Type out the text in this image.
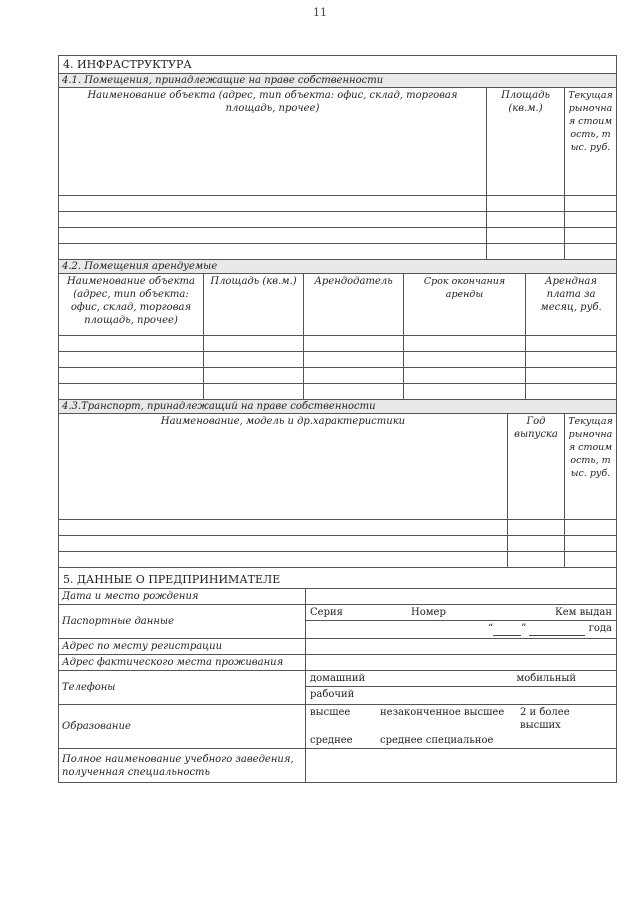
11
4. ИНФРАСТРУКТУРА		
4.1. Помещения, принадлежащие на праве собственности		
Наименование объекта (адрес, тип объекта: офис, склад, торговая площадь, прочее)	Площадь (кв.м.)	Текущая рыночная стоимость, тыс. руб.

4.2. Помещения арендуемые				
Наименование объекта (адрес, тип объекта: офис, склад, торговая площадь, прочее)	Площадь (кв.м.)	Арендодатель	Срок окончания аренды	Арендная плата за месяц, руб.

4.3.Транспорт, принадлежащий на праве собственности		
Наименование, модель и др.характеристики	Год выпуска	Текущая рыночная стоимость, тыс. руб.

5. ДАННЫЕ О ПРЕДПРИНИМАТЕЛЕ
Дата и место рождения	
Паспортные данные	
Серия	Номер	Кем выдан
“	”	года

Адрес по месту регистрации	
Адрес фактического места проживания	
Телефоны	
домашний	мобильный
рабочий

Образование	
высшее	незаконченное высшее	2 и более высших
среднее	среднее специальное

Полное наименование учебного заведения, полученная специальность	
